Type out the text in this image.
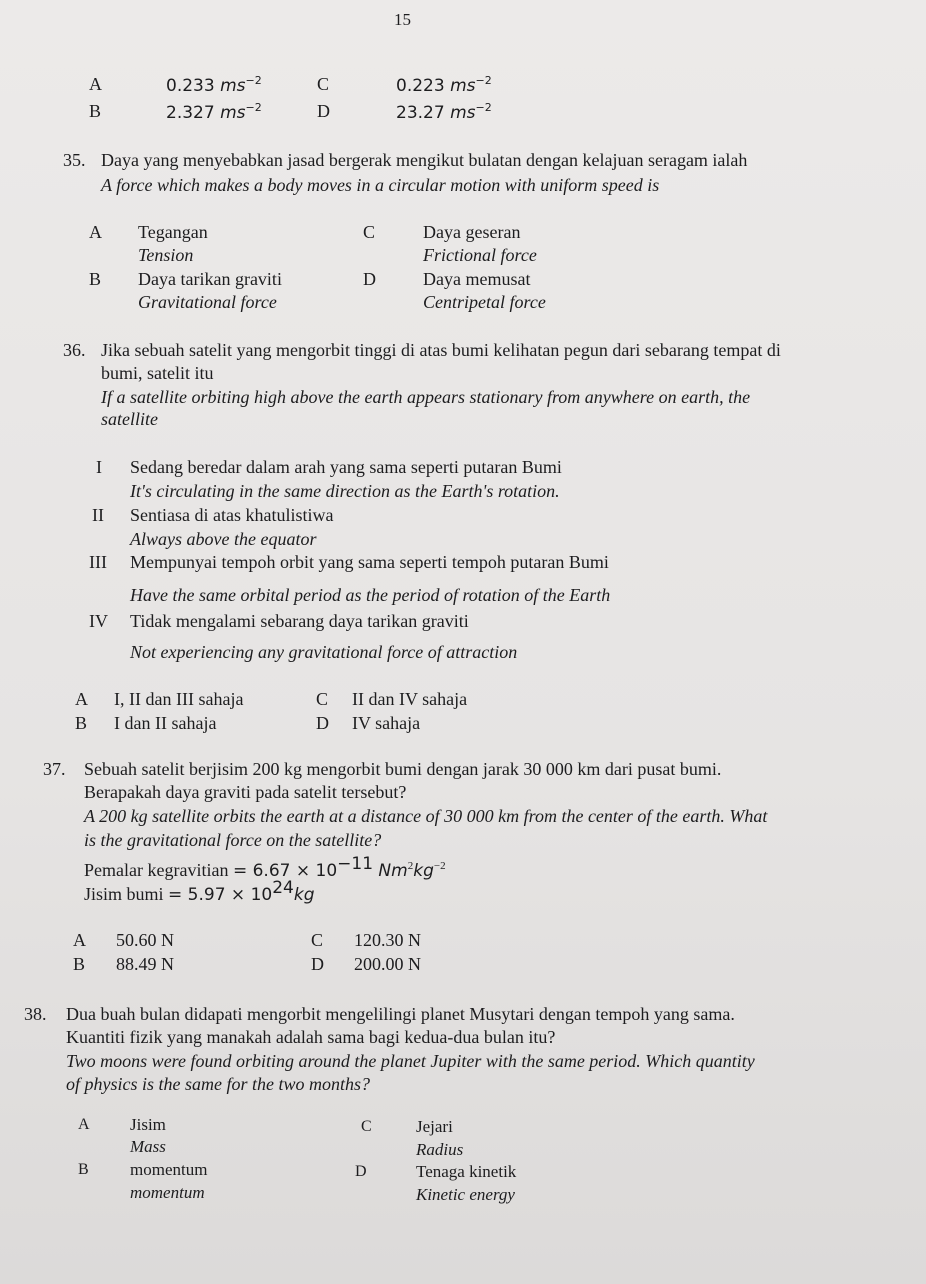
15
A	0.233 $ms^{-2}$
B	2.327 $ms^{-2}$
C	0.223 $ms^{-2}$
D	23.27 $ms^{-2}$
35. Daya yang menyebabkan jasad bergerak mengikut bulatan dengan kelajuan seragam ialah
A force which makes a body moves in a circular motion with uniform speed is
A Tegangan
Tension
B Daya tarikan graviti
Gravitational force
C	Daya geseran
Frictional force
D	Daya memusat
Centripetal force
36. Jika sebuah satelit yang mengorbit tinggi di atas bumi kelihatan pegun dari sebarang tempat di
bumi, satelit itu
If a satellite orbiting high above the earth appears stationary from anywhere on earth, the
satellite
I Sedang beredar dalam arah yang sama seperti putaran Bumi
It's circulating in the same direction as the Earth's rotation.
II Sentiasa di atas khatulistiwa
Always above the equator
III Mempunyai tempoh orbit yang sama seperti tempoh putaran Bumi
Have the same orbital period as the period of rotation of the Earth
IV Tidak mengalami sebarang daya tarikan graviti
Not experiencing any gravitational force of attraction
A I, II dan III sahaja
B I dan II sahaja
C II dan IV sahaja
D IV sahaja
37. Sebuah satelit berjisim 200 kg mengorbit bumi dengan jarak 30 000 km dari pusat bumi.
Berapakah daya graviti pada satelit tersebut?
A 200 kg satellite orbits the earth at a distance of 30 000 km from the center of the earth. What
is the gravitational force on the satellite?
Pemalar kegravitian = $6.67 \times 10^{-11}$ $Nm^2kg^{-2}$
Jisim bumi = $5.97 \times 10^{24}kg$
A 50.60 N
B 88.49 N
C 120.30 N
D 200.00 N
38. Dua buah bulan didapati mengorbit mengelilingi planet Musytari dengan tempoh yang sama.
Kuantiti fizik yang manakah adalah sama bagi kedua-dua bulan itu?
Two moons were found orbiting around the planet Jupiter with the same period. Which quantity
of physics is the same for the two months?
A Jisim
Mass
B momentum
momentum
C	Jejari
Radius
D	Tenaga kinetik
Kinetic energy
